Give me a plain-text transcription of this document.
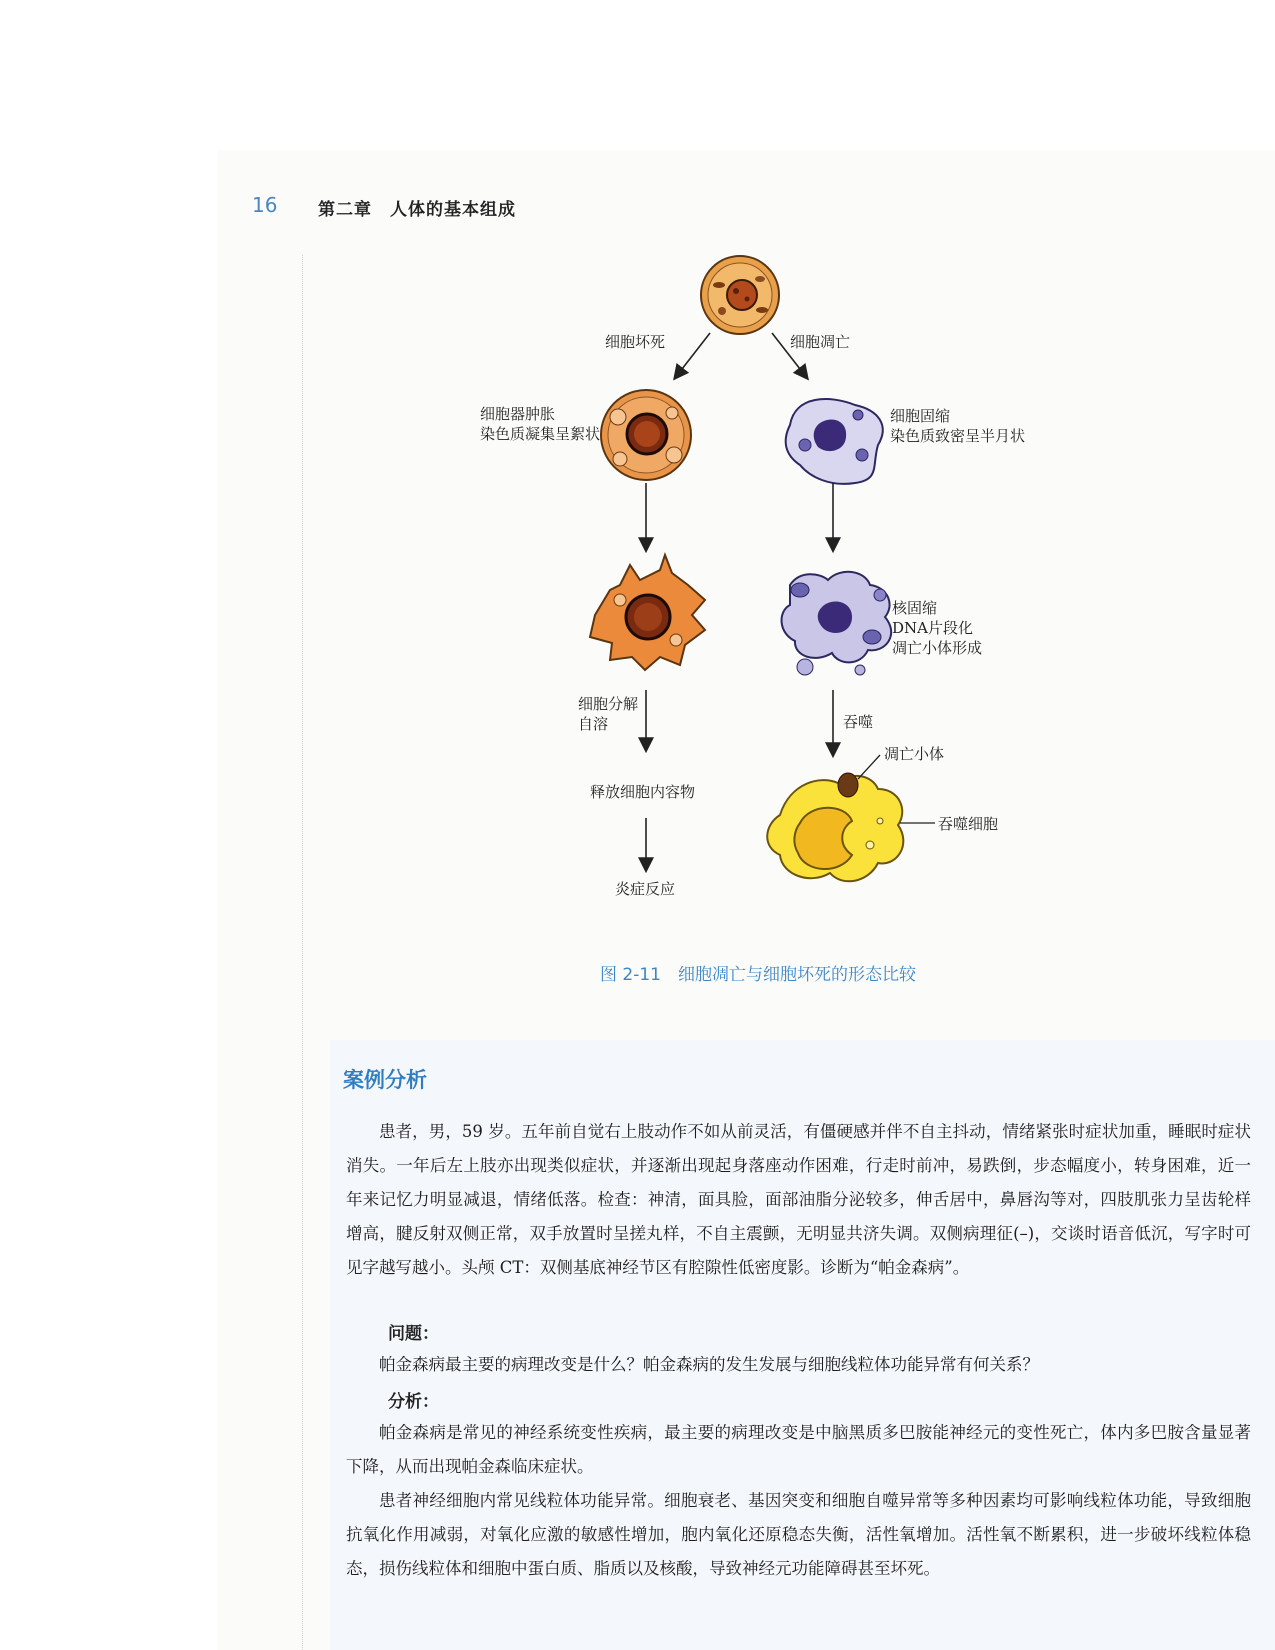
16 第二章　人体的基本组成
细胞坏死	细胞凋亡
细胞器肿胀
染色质凝集呈絮状
细胞固缩
染色质致密呈半月状
核固缩
DNA片段化
凋亡小体形成
细胞分解
自溶	吞噬
释放细胞内容物
凋亡小体
炎症反应
吞噬细胞
图 2-11　细胞凋亡与细胞坏死的形态比较
案例分析
患者，男，59 岁。五年前自觉右上肢动作不如从前灵活，有僵硬感并伴不自主抖动，情绪紧张时症状加重，睡眠时症状消失。一年后左上肢亦出现类似症状，并逐渐出现起身落座动作困难，行走时前冲，易跌倒，步态幅度小，转身困难，近一年来记忆力明显减退，情绪低落。检查：神清，面具脸，面部油脂分泌较多，伸舌居中，鼻唇沟等对，四肢肌张力呈齿轮样增高，腱反射双侧正常，双手放置时呈搓丸样，不自主震颤，无明显共济失调。双侧病理征(–)，交谈时语音低沉，写字时可见字越写越小。头颅 CT：双侧基底神经节区有腔隙性低密度影。诊断为“帕金森病”。
问题：
帕金森病最主要的病理改变是什么？帕金森病的发生发展与细胞线粒体功能异常有何关系？
分析：
帕金森病是常见的神经系统变性疾病，最主要的病理改变是中脑黑质多巴胺能神经元的变性死亡，体内多巴胺含量显著下降，从而出现帕金森临床症状。
患者神经细胞内常见线粒体功能异常。细胞衰老、基因突变和细胞自噬异常等多种因素均可影响线粒体功能，导致细胞抗氧化作用减弱，对氧化应激的敏感性增加，胞内氧化还原稳态失衡，活性氧增加。活性氧不断累积，进一步破坏线粒体稳态，损伤线粒体和细胞中蛋白质、脂质以及核酸，导致神经元功能障碍甚至坏死。
